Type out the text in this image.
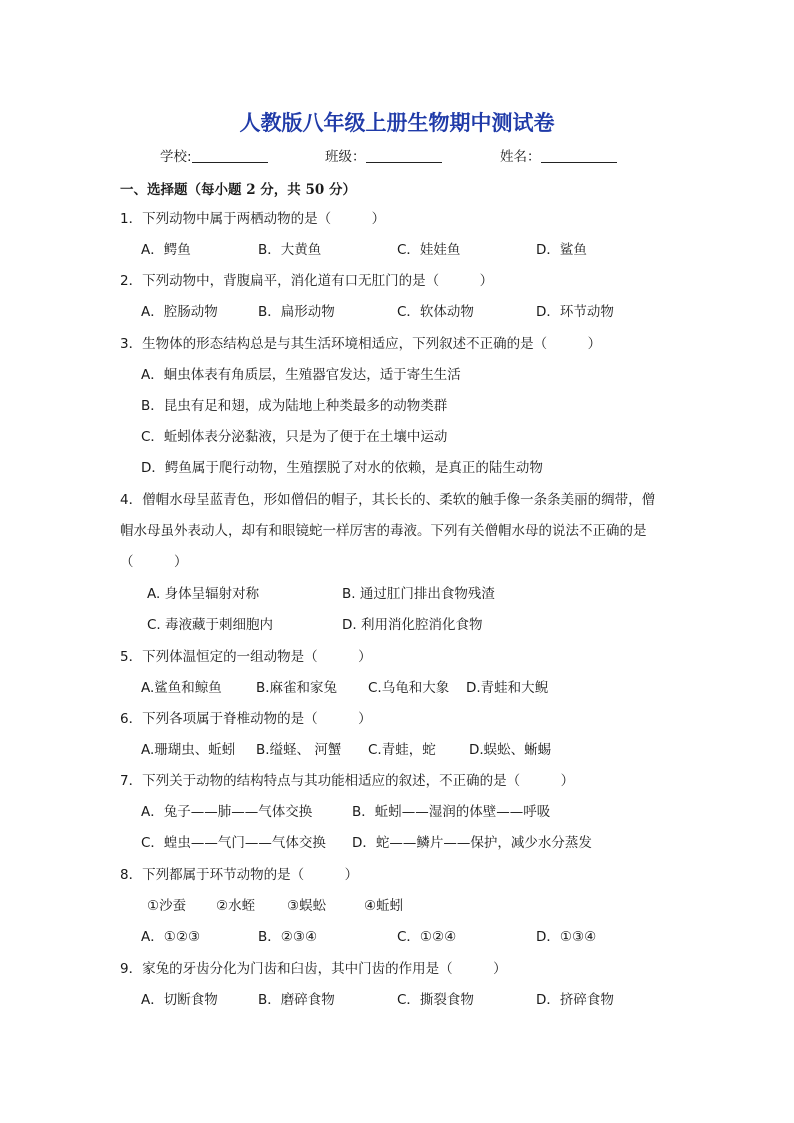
人教版八年级上册生物期中测试卷
学校:	班级：	姓名：
一、选择题（每小题 2 分，共 50 分）
1．下列动物中属于两栖动物的是（　　　）
A．鳄鱼	B．大黄鱼	C．娃娃鱼	D．鲨鱼
2．下列动物中，背腹扁平，消化道有口无肛门的是（　　　）
A．腔肠动物	B．扁形动物	C．软体动物	D．环节动物
3．生物体的形态结构总是与其生活环境相适应，下列叙述不正确的是（　　　）
A．蛔虫体表有角质层，生殖器官发达，适于寄生生活
B．昆虫有足和翅，成为陆地上种类最多的动物类群
C．蚯蚓体表分泌黏液，只是为了便于在土壤中运动
D．鳄鱼属于爬行动物，生殖摆脱了对水的依赖，是真正的陆生动物
4．僧帽水母呈蓝青色，形如僧侣的帽子，其长长的、柔软的触手像一条条美丽的绸带，僧
帽水母虽外表动人，却有和眼镜蛇一样厉害的毒液。下列有关僧帽水母的说法不正确的是
（　　　）
A. 身体呈辐射对称	B. 通过肛门排出食物残渣
C. 毒液藏于刺细胞内	D. 利用消化腔消化食物
5．下列体温恒定的一组动物是（　　　）
A.鲨鱼和鲸鱼	B.麻雀和家兔 C.乌龟和大象 D.青蛙和大鲵
6．下列各项属于脊椎动物的是（　　　）
A.珊瑚虫、蚯蚓 B.缢蛏、 河蟹 C.青蛙，蛇 D.蜈蚣、蜥蜴
7．下列关于动物的结构特点与其功能相适应的叙述，不正确的是（　　　）
A．兔子——肺——气体交换	B．蚯蚓——湿润的体壁——呼吸
C．蝗虫——气门——气体交换 D．蛇——鳞片——保护，减少水分蒸发
8．下列都属于环节动物的是（　　　）
①沙蚕 ②水蛭 ③蜈蚣	④蚯蚓
A．①②③	B．②③④	C．①②④	D．①③④
9．家兔的牙齿分化为门齿和臼齿，其中门齿的作用是（　　　）
A．切断食物	B．磨碎食物	C．撕裂食物	D．挤碎食物
